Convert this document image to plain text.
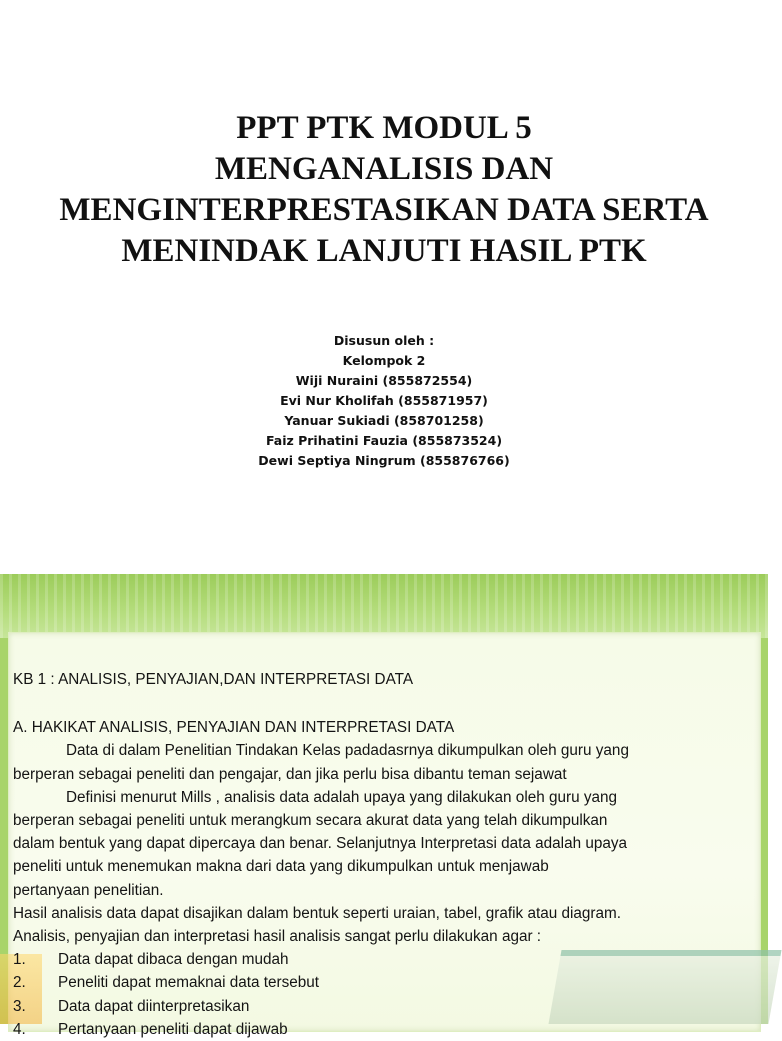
PPT PTK MODUL 5
MENGANALISIS DAN
MENGINTERPRESTASIKAN DATA SERTA
MENINDAK LANJUTI HASIL PTK
Disusun oleh :
Kelompok 2
Wiji Nuraini (855872554)
Evi Nur Kholifah (855871957)
Yanuar Sukiadi (858701258)
Faiz Prihatini Fauzia (855873524)
Dewi Septiya Ningrum (855876766)
KB 1 : ANALISIS, PENYAJIAN,DAN INTERPRETASI DATA
A. HAKIKAT ANALISIS, PENYAJIAN DAN INTERPRETASI DATA
Data di dalam Penelitian Tindakan Kelas padadasrnya dikumpulkan oleh guru yang
berperan sebagai peneliti dan pengajar, dan jika perlu bisa dibantu teman sejawat
Definisi menurut Mills , analisis data adalah upaya yang dilakukan oleh guru yang
berperan sebagai peneliti untuk merangkum secara akurat data yang telah dikumpulkan
dalam bentuk yang dapat dipercaya dan benar. Selanjutnya Interpretasi data adalah upaya
peneliti untuk menemukan makna dari data yang dikumpulkan untuk menjawab
pertanyaan penelitian.
Hasil analisis data dapat disajikan dalam bentuk seperti uraian, tabel, grafik atau diagram.
Analisis, penyajian dan interpretasi hasil analisis sangat perlu dilakukan agar :
1. Data dapat dibaca dengan mudah
2. Peneliti dapat memaknai data tersebut
3. Data dapat diinterpretasikan
4. Pertanyaan peneliti dapat dijawab
